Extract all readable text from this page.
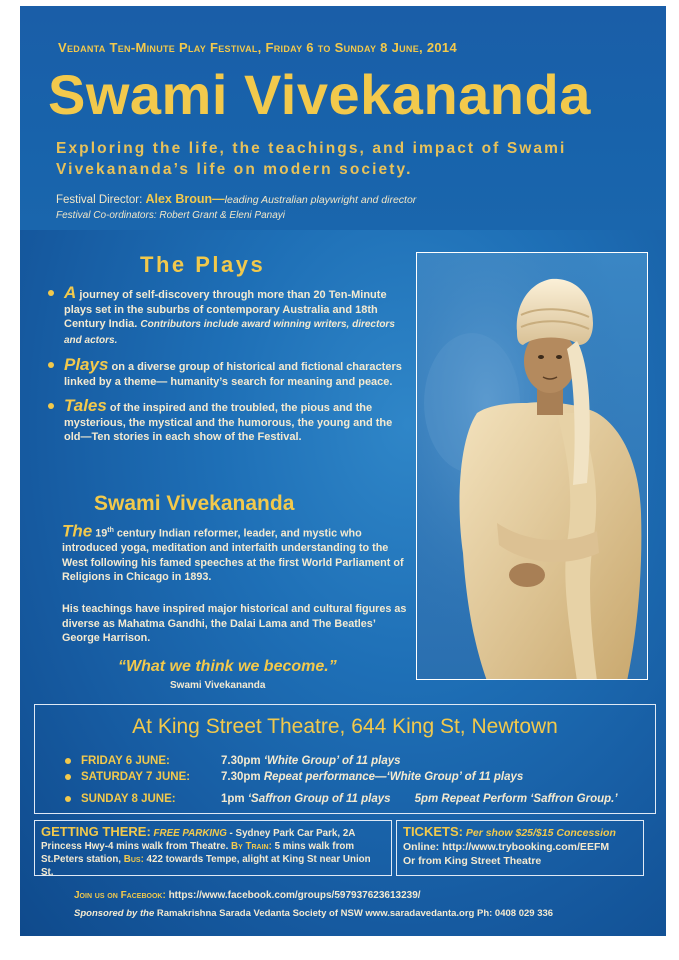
Vedanta Ten-Minute Play Festival, Friday 6 to Sunday 8 June, 2014
Swami Vivekananda
Exploring the life, the teachings, and impact of Swami Vivekananda’s life on modern society.
Festival Director: Alex Broun—leading Australian playwright and director
Festival Co-ordinators: Robert Grant & Eleni Panayi
The Plays
A journey of self-discovery through more than 20 Ten-Minute plays set in the suburbs of contemporary Australia and 18th Century India. Contributors include award winning writers, directors and actors.
Plays on a diverse group of historical and fictional characters linked by a theme— humanity’s search for meaning and peace.
Tales of the inspired and the troubled, the pious and the mysterious, the mystical and the humorous, the young and the old—Ten stories in each show of the Festival.
Swami Vivekananda
The 19th century Indian reformer, leader, and mystic who introduced yoga, meditation and interfaith understanding to the West following his famed speeches at the first World Parliament of Religions in Chicago in 1893.
His teachings have inspired major historical and cultural figures as diverse as Mahatma Gandhi, the Dalai Lama and The Beatles’ George Harrison.
“What we think we become.”
Swami Vivekananda
At King Street Theatre, 644 King St, Newtown
FRIDAY 6 JUNE:	7.30pm ‘White Group’ of 11 plays
SATURDAY 7 JUNE:	7.30pm Repeat performance—‘White Group’ of 11 plays
SUNDAY 8 JUNE:	1pm ‘Saffron Group of 11 plays 5pm Repeat Perform ‘Saffron Group.’
GETTING THERE: FREE PARKING - Sydney Park Car Park, 2A Princess Hwy-4 mins walk from Theatre. By Train: 5 mins walk from St.Peters station, Bus: 422 towards Tempe, alight at King St near Union St.
TICKETS: Per show $25/$15 Concession
Online: http://www.trybooking.com/EEFM
Or from King Street Theatre
Join us on Facebook: https://www.facebook.com/groups/597937623613239/
Sponsored by the Ramakrishna Sarada Vedanta Society of NSW www.saradavedanta.org Ph: 0408 029 336
